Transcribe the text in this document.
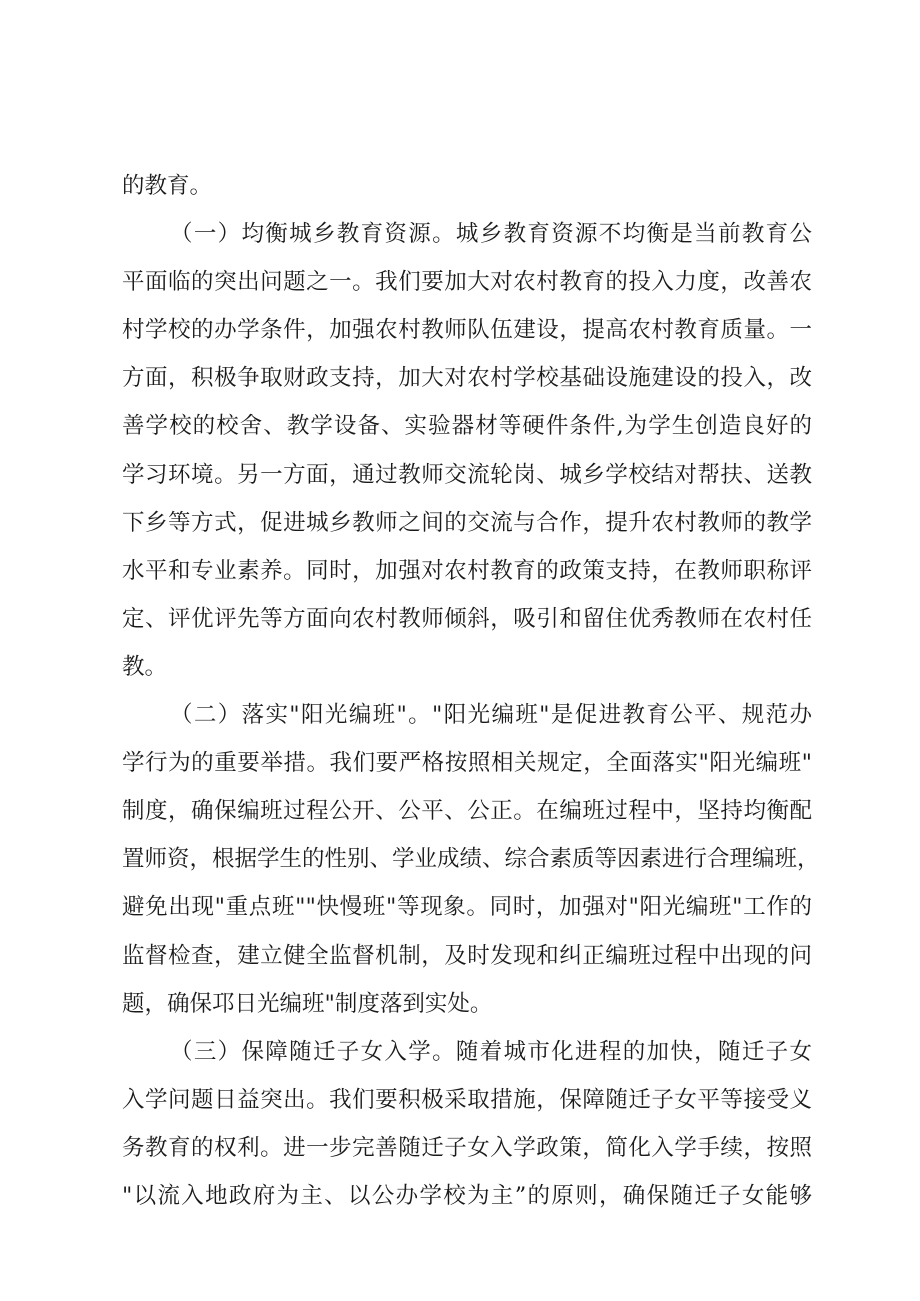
的教育。
（一）均衡城乡教育资源。城乡教育资源不均衡是当前教育公
平面临的突出问题之一。我们要加大对农村教育的投入力度，改善农
村学校的办学条件，加强农村教师队伍建设，提高农村教育质量。一
方面，积极争取财政支持，加大对农村学校基础设施建设的投入，改
善学校的校舍、教学设备、实验器材等硬件条件,为学生创造良好的
学习环境。另一方面，通过教师交流轮岗、城乡学校结对帮扶、送教
下乡等方式，促进城乡教师之间的交流与合作，提升农村教师的教学
水平和专业素养。同时，加强对农村教育的政策支持，在教师职称评
定、评优评先等方面向农村教师倾斜，吸引和留住优秀教师在农村任
教。
（二）落实"阳光编班"。"阳光编班"是促进教育公平、规范办
学行为的重要举措。我们要严格按照相关规定，全面落实"阳光编班"
制度，确保编班过程公开、公平、公正。在编班过程中，坚持均衡配
置师资，根据学生的性别、学业成绩、综合素质等因素进行合理编班，
避免出现"重点班""快慢班"等现象。同时，加强对"阳光编班"工作的
监督检查，建立健全监督机制，及时发现和纠正编班过程中出现的问
题，确保邛日光编班"制度落到实处。
（三）保障随迁子女入学。随着城市化进程的加快，随迁子女
入学问题日益突出。我们要积极采取措施，保障随迁子女平等接受义
务教育的权利。进一步完善随迁子女入学政策，简化入学手续，按照
"以流入地政府为主、以公办学校为主”的原则，确保随迁子女能够
